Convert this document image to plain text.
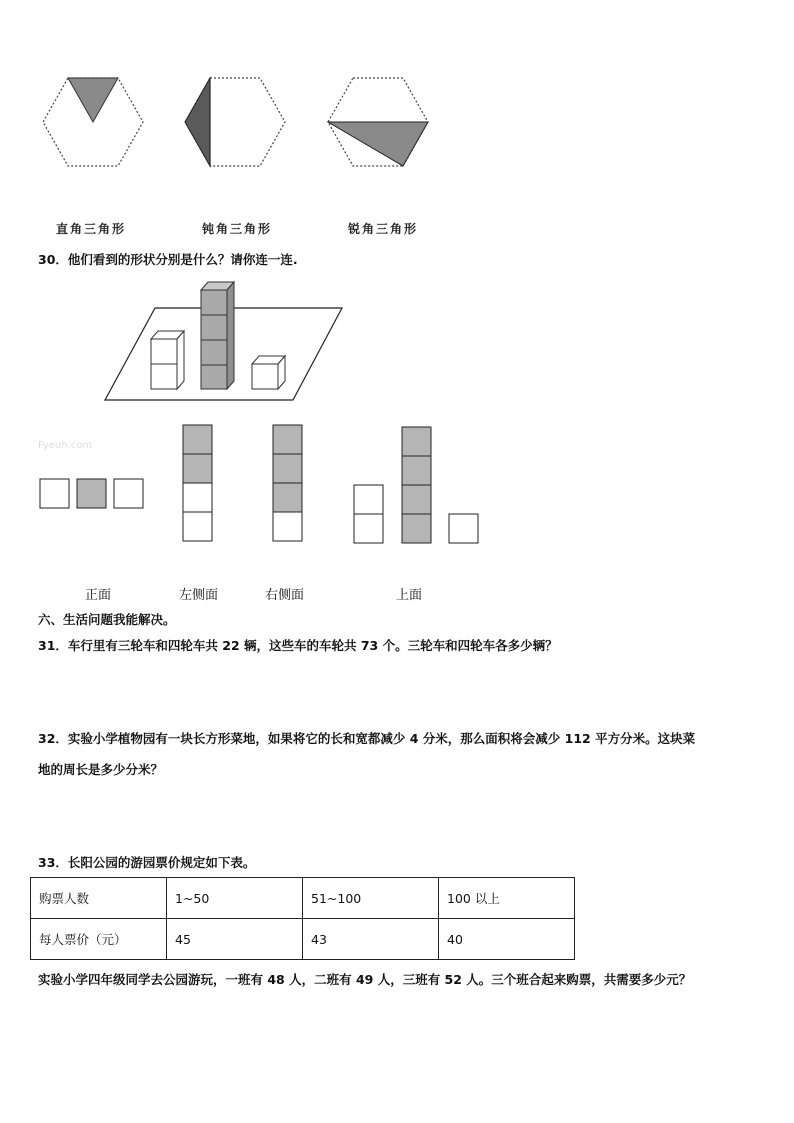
直角三角形	钝角三角形	锐角三角形
30．他们看到的形状分别是什么？请你连一连.
Fyeuh.com
正面	左侧面	右侧面	上面
六、生活问题我能解决。
31．车行里有三轮车和四轮车共 22 辆，这些车的车轮共 73 个。三轮车和四轮车各多少辆？
32．实验小学植物园有一块长方形菜地，如果将它的长和宽都减少 4 分米，那么面积将会减少 112 平方分米。这块菜
地的周长是多少分米？
33．长阳公园的游园票价规定如下表。
购票人数	1~50	51~100	100 以上
每人票价（元）	45	43	40
实验小学四年级同学去公园游玩，一班有 48 人，二班有 49 人，三班有 52 人。三个班合起来购票，共需要多少元？
